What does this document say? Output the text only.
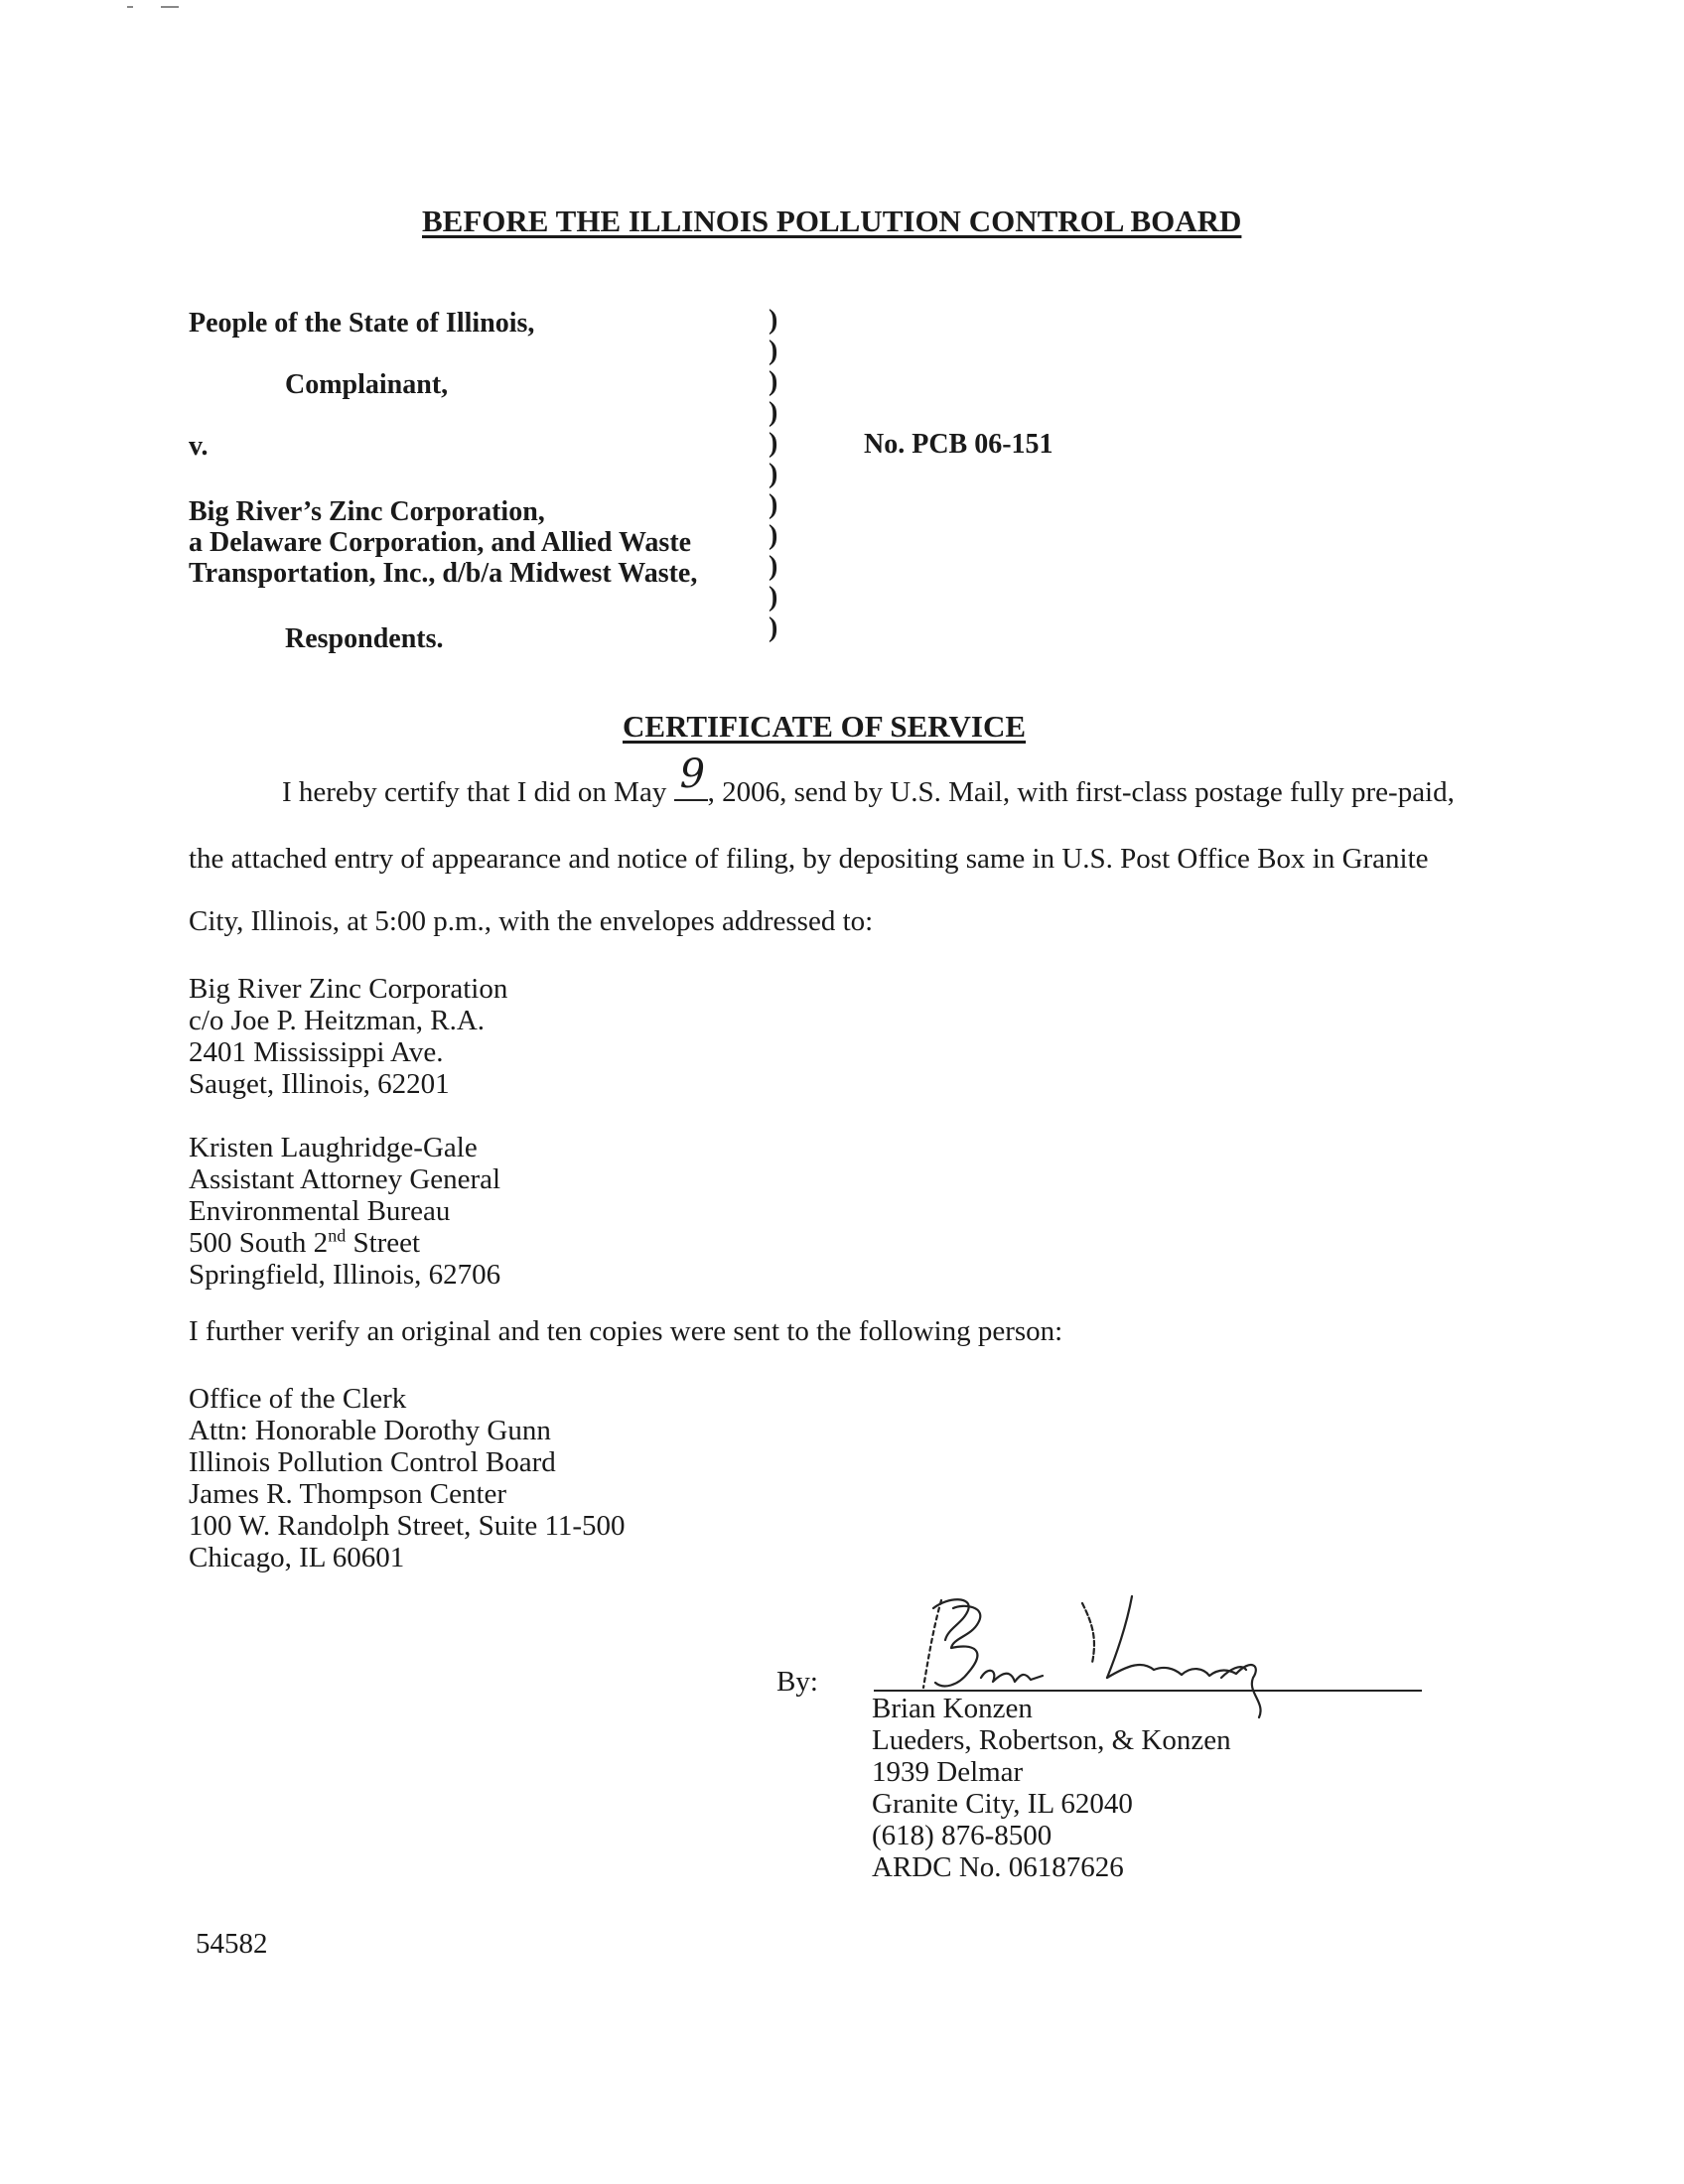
BEFORE THE ILLINOIS POLLUTION CONTROL BOARD
People of the State of Illinois,
Complainant,
v.
Big River’s Zinc Corporation,
a Delaware Corporation, and Allied Waste
Transportation, Inc., d/b/a Midwest Waste,
Respondents.
)
)
)
)
)
)
)
)
)
)
)
No. PCB 06-151
CERTIFICATE OF SERVICE
I hereby certify that I did on May 9 , 2006, send by U.S. Mail, with first-class postage fully pre-paid,
the attached entry of appearance and notice of filing, by depositing same in U.S. Post Office Box in Granite
City, Illinois, at 5:00 p.m., with the envelopes addressed to:
Big River Zinc Corporation
c/o Joe P. Heitzman, R.A.
2401 Mississippi Ave.
Sauget, Illinois, 62201
Kristen Laughridge-Gale
Assistant Attorney General
Environmental Bureau
500 South 2nd Street
Springfield, Illinois, 62706
I further verify an original and ten copies were sent to the following person:
Office of the Clerk
Attn: Honorable Dorothy Gunn
Illinois Pollution Control Board
James R. Thompson Center
100 W. Randolph Street, Suite 11-500
Chicago, IL 60601
By:
Brian Konzen
Lueders, Robertson, & Konzen
1939 Delmar
Granite City, IL 62040
(618) 876-8500
ARDC No. 06187626
54582
